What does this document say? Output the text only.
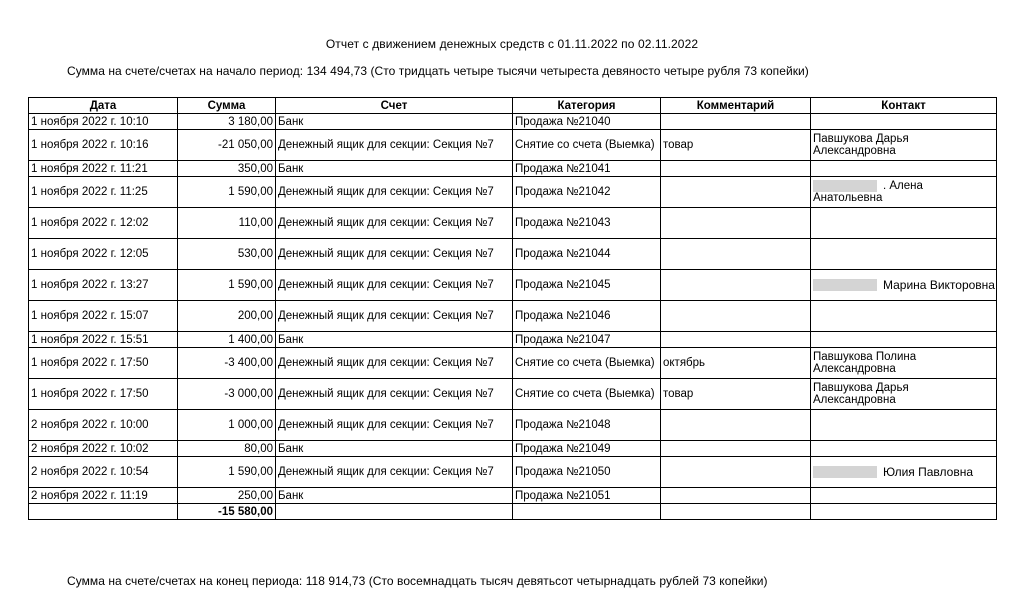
Отчет с движением денежных средств с 01.11.2022 по 02.11.2022
Сумма на счете/счетах на начало период: 134 494,73 (Сто тридцать четыре тысячи четыреста девяносто четыре рубля 73 копейки)
Дата	Сумма	Счет	Категория	Комментарий	Контакт
1 ноября 2022 г. 10:10	3 180,00	Банк	Продажа №21040		
1 ноября 2022 г. 10:16	-21 050,00	Денежный ящик для секции: Секция №7	Снятие со счета (Выемка)	товар	Павшукова Дарья Александровна
1 ноября 2022 г. 11:21	350,00	Банк	Продажа №21041		
1 ноября 2022 г. 11:25	1 590,00	Денежный ящик для секции: Секция №7	Продажа №21042		. Алена Анатольевна
1 ноября 2022 г. 12:02	110,00	Денежный ящик для секции: Секция №7	Продажа №21043		
1 ноября 2022 г. 12:05	530,00	Денежный ящик для секции: Секция №7	Продажа №21044		
1 ноября 2022 г. 13:27	1 590,00	Денежный ящик для секции: Секция №7	Продажа №21045		Марина Викторовна
1 ноября 2022 г. 15:07	200,00	Денежный ящик для секции: Секция №7	Продажа №21046		
1 ноября 2022 г. 15:51	1 400,00	Банк	Продажа №21047		
1 ноября 2022 г. 17:50	-3 400,00	Денежный ящик для секции: Секция №7	Снятие со счета (Выемка)	октябрь	Павшукова Полина Александровна
1 ноября 2022 г. 17:50	-3 000,00	Денежный ящик для секции: Секция №7	Снятие со счета (Выемка)	товар	Павшукова Дарья Александровна
2 ноября 2022 г. 10:00	1 000,00	Денежный ящик для секции: Секция №7	Продажа №21048		
2 ноября 2022 г. 10:02	80,00	Банк	Продажа №21049		
2 ноября 2022 г. 10:54	1 590,00	Денежный ящик для секции: Секция №7	Продажа №21050		Юлия Павловна
2 ноября 2022 г. 11:19	250,00	Банк	Продажа №21051		
	-15 580,00				
Сумма на счете/счетах на конец периода: 118 914,73 (Сто восемнадцать тысяч девятьсот четырнадцать рублей 73 копейки)
